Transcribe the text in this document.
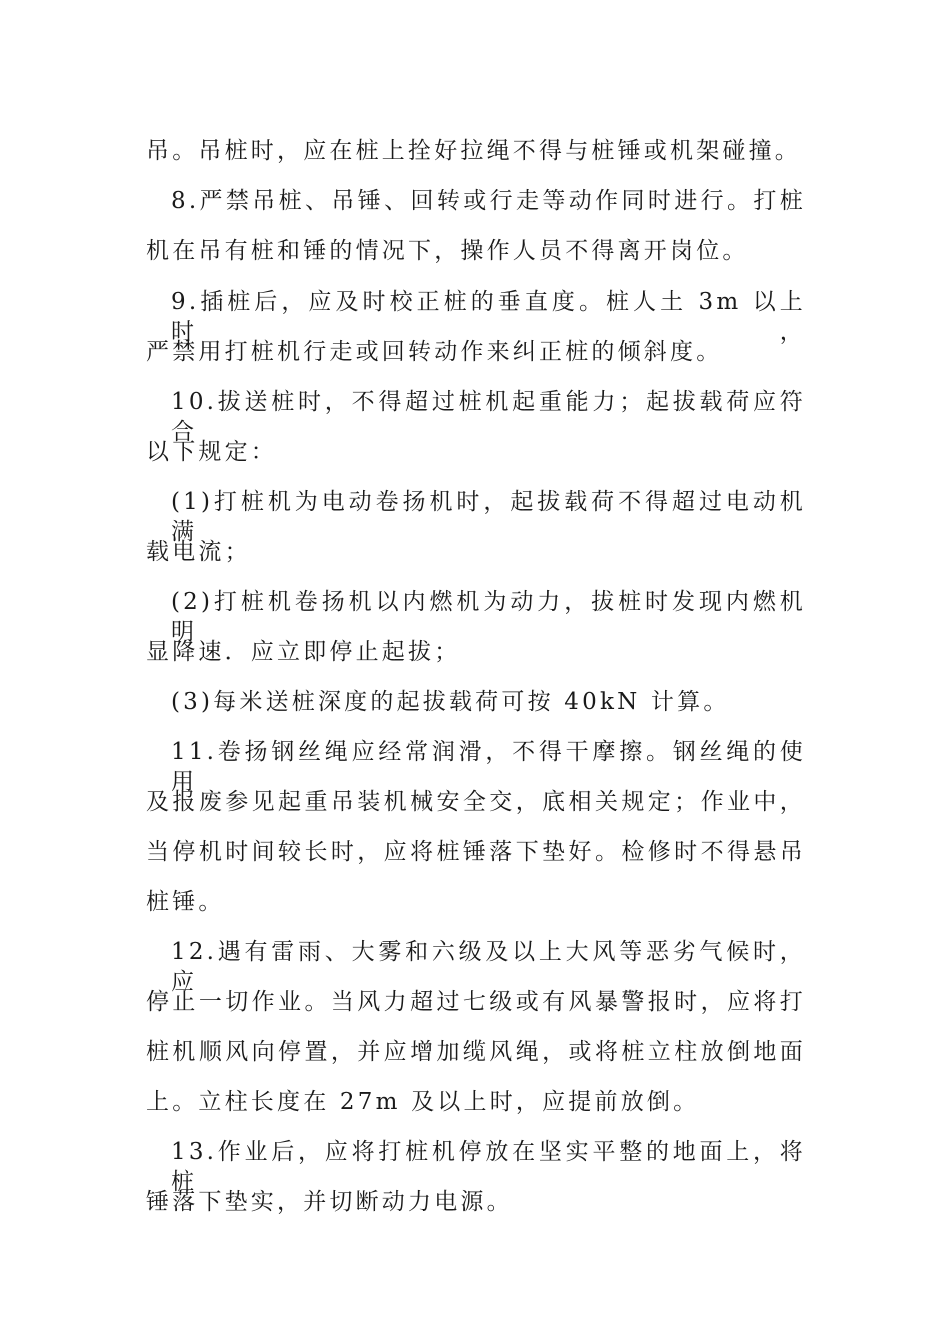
吊。吊桩时，应在桩上拴好拉绳不得与桩锤或机架碰撞。
8.严禁吊桩、吊锤、回转或行走等动作同时进行。打桩
机在吊有桩和锤的情况下，操作人员不得离开岗位。
9.插桩后，应及时校正桩的垂直度。桩人土 3m 以上时，
严禁用打桩机行走或回转动作来纠正桩的倾斜度。
10.拔送桩时，不得超过桩机起重能力；起拔载荷应符合
以下规定：
(1)打桩机为电动卷扬机时，起拔载荷不得超过电动机满
载电流；
(2)打桩机卷扬机以内燃机为动力，拔桩时发现内燃机明
显降速．应立即停止起拔；
(3)每米送桩深度的起拔载荷可按 40kN 计算。
11.卷扬钢丝绳应经常润滑，不得干摩擦。钢丝绳的使用
及报废参见起重吊装机械安全交，底相关规定；作业中，
当停机时间较长时，应将桩锤落下垫好。检修时不得悬吊
桩锤。
12.遇有雷雨、大雾和六级及以上大风等恶劣气候时，应
停止一切作业。当风力超过七级或有风暴警报时，应将打
桩机顺风向停置，并应增加缆风绳，或将桩立柱放倒地面
上。立柱长度在 27m 及以上时，应提前放倒。
13.作业后，应将打桩机停放在坚实平整的地面上，将桩
锤落下垫实，并切断动力电源。
